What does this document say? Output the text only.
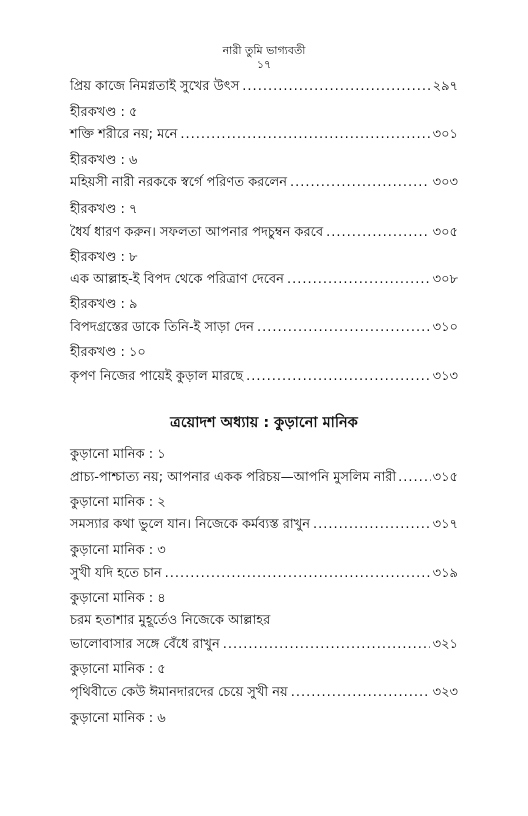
নারী তুমি ভাগ্যবতী
১৭
প্রিয় কাজে নিমগ্নতাই সুখের উৎস .....	২৯৭
হীরকখণ্ড : ৫
শক্তি শরীরে নয়; মনে .....	৩০১
হীরকখণ্ড : ৬
মহিয়সী নারী নরককে স্বর্গে পরিণত করলেন .....	৩০৩
হীরকখণ্ড : ৭
ধৈর্য ধারণ করুন। সফলতা আপনার পদচুম্বন করবে .....	৩০৫
হীরকখণ্ড : ৮
এক আল্লাহ-ই বিপদ থেকে পরিত্রাণ দেবেন .....	৩০৮
হীরকখণ্ড : ৯
বিপদগ্রস্তের ডাকে তিনি-ই সাড়া দেন .....	৩১০
হীরকখণ্ড : ১০
কৃপণ নিজের পায়েই কুড়াল মারছে .....	৩১৩
ত্রয়োদশ অধ্যায় : কুড়ানো মানিক
কুড়ানো মানিক : ১
প্রাচ্য-পাশ্চাত্য নয়; আপনার একক পরিচয়—আপনি মুসলিম নারী .....	৩১৫
কুড়ানো মানিক : ২
সমস্যার কথা ভুলে যান। নিজেকে কর্মব্যস্ত রাখুন .....	৩১৭
কুড়ানো মানিক : ৩
সুখী যদি হতে চান .....	৩১৯
কুড়ানো মানিক : ৪
চরম হতাশার মুহূর্তেও নিজেকে আল্লাহর
ভালোবাসার সঙ্গে বেঁধে রাখুন .....	৩২১
কুড়ানো মানিক : ৫
পৃথিবীতে কেউ ঈমানদারদের চেয়ে সুখী নয় .....	৩২৩
কুড়ানো মানিক : ৬
